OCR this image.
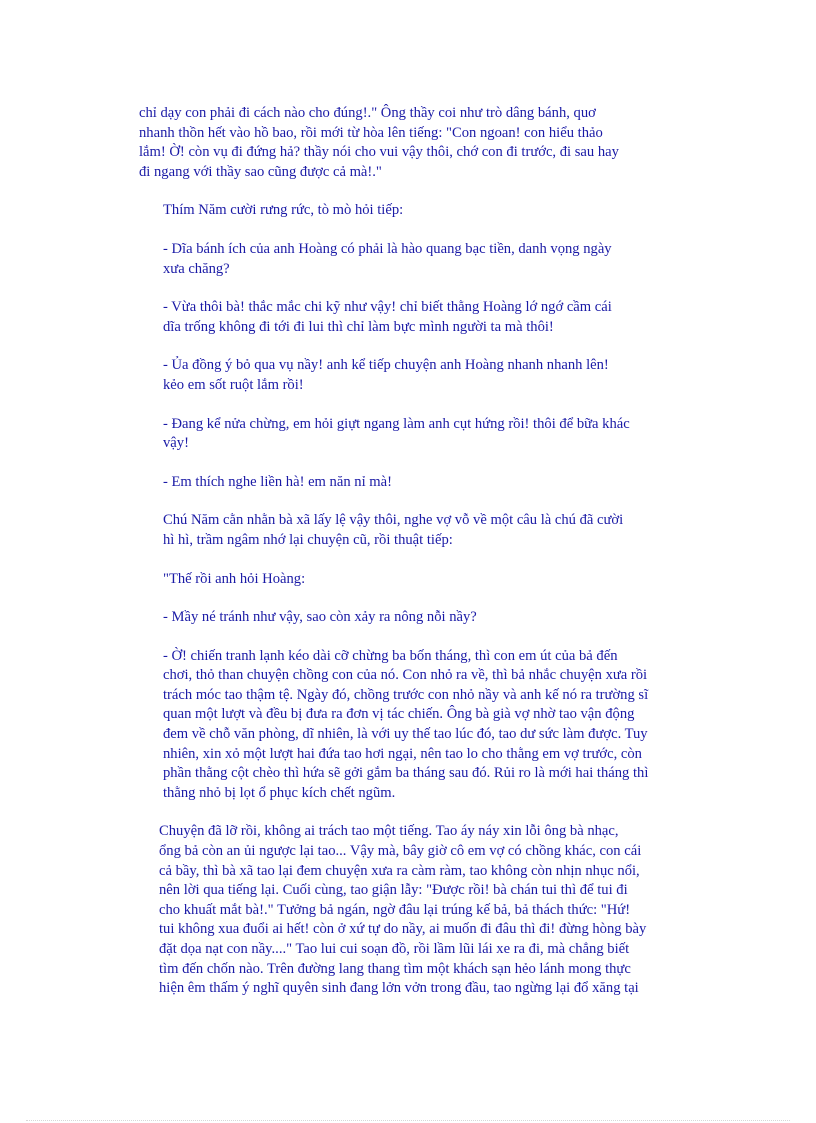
chỉ dạy con phải đi cách nào cho đúng!." Ông thầy coi như trò dâng bánh, quơ
nhanh thồn hết vào hồ bao, rồi mới từ hòa lên tiếng: "Con ngoan! con hiểu thảo
lắm! Ờ! còn vụ đi đứng hả? thầy nói cho vui vậy thôi, chớ con đi trước, đi sau hay
đi ngang với thầy sao cũng được cả mà!."
Thím Năm cười rưng rức, tò mò hỏi tiếp:
- Dĩa bánh ích của anh Hoàng có phải là hào quang bạc tiền, danh vọng ngày
xưa chăng?
- Vừa thôi bà! thắc mắc chi kỹ như vậy! chỉ biết thằng Hoàng lớ ngớ cầm cái
dĩa trống không đi tới đi lui thì chỉ làm bực mình người ta mà thôi!
- Ủa đồng ý bỏ qua vụ nầy! anh kể tiếp chuyện anh Hoàng nhanh nhanh lên!
kẻo em sốt ruột lắm rồi!
- Đang kể nửa chừng, em hỏi giựt ngang làm anh cụt hứng rồi! thôi để bữa khác
vậy!
- Em thích nghe liền hà! em năn nỉ mà!
Chú Năm cằn nhằn bà xã lấy lệ vậy thôi, nghe vợ vỗ về một câu là chú đã cười
hì hì, trầm ngâm nhớ lại chuyện cũ, rồi thuật tiếp:
"Thế rồi anh hỏi Hoàng:
- Mầy né tránh như vậy, sao còn xảy ra nông nỗi nầy?
- Ờ! chiến tranh lạnh kéo dài cỡ chừng ba bốn tháng, thì con em út của bả đến
chơi, thỏ than chuyện chồng con của nó. Con nhỏ ra về, thì bả nhắc chuyện xưa rồi
trách móc tao thậm tệ. Ngày đó, chồng trước con nhỏ nầy và anh kế nó ra trường sĩ
quan một lượt và đều bị đưa ra đơn vị tác chiến. Ông bà già vợ nhờ tao vận động
đem về chỗ văn phòng, dĩ nhiên, là với uy thế tao lúc đó, tao dư sức làm được. Tuy
nhiên, xin xỏ một lượt hai đứa tao hơi ngại, nên tao lo cho thằng em vợ trước, còn
phần thằng cột chèo thì hứa sẽ gởi gắm ba tháng sau đó. Rủi ro là mới hai tháng thì
thằng nhỏ bị lọt ổ phục kích chết ngũm.
Chuyện đã lỡ rồi, không ai trách tao một tiếng. Tao áy náy xin lỗi ông bà nhạc,
ổng bả còn an ủi ngược lại tao... Vậy mà, bây giờ cô em vợ có chồng khác, con cái
cả bầy, thì bà xã tao lại đem chuyện xưa ra càm ràm, tao không còn nhịn nhục nổi,
nên lời qua tiếng lại. Cuối cùng, tao giận lẫy: "Được rồi! bà chán tui thì để tui đi
cho khuất mắt bà!." Tưởng bả ngán, ngờ đâu lại trúng kế bả, bả thách thức: "Hứ!
tui không xua đuổi ai hết! còn ở xứ tự do nầy, ai muốn đi đâu thì đi! đừng hòng bày
đặt dọa nạt con nầy...." Tao lui cui soạn đồ, rồi lầm lũi lái xe ra đi, mà chẳng biết
tìm đến chốn nào. Trên đường lang thang tìm một khách sạn hẻo lánh mong thực
hiện êm thấm ý nghĩ quyên sinh đang lởn vởn trong đầu, tao ngừng lại đổ xăng tại
